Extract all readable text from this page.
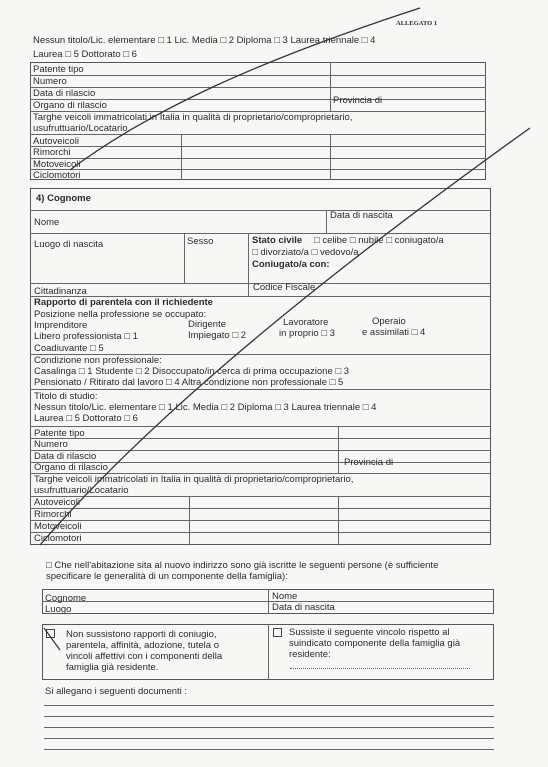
ALLEGATO 1
Nessun titolo/Lic. elementare □ 1 Lic. Media □ 2 Diploma □ 3 Laurea triennale □ 4
Laurea □ 5 Dottorato □ 6
Patente tipo
Numero
Data di rilascio
Organo di rilascio	Provincia di
Targhe veicoli immatricolati in Italia in qualità di proprietario/comproprietario,
usufruttuario/Locatario
Autoveicoli
Rimorchi
Motoveicoli
Ciclomotori
4) Cognome
Nome
Data di nascita
Luogo di nascita	Sesso	Stato civile □ celibe □ nubile □ coniugato/a
□ divorziato/a □ vedovo/a
Coniugato/a con:
Cittadinanza	Codice Fiscale
Rapporto di parentela con il richiedente
Posizione nella professione se occupato:
Imprenditore
Libero professionista □ 1
Dirigente
Impiegato □ 2
Lavoratore
in proprio □ 3
Operaio
e assimilati □ 4
Coadiuvante □ 5
Condizione non professionale:
Casalinga □ 1 Studente □ 2 Disoccupato/in cerca di prima occupazione □ 3
Pensionato / Ritirato dal lavoro □ 4 Altra condizione non professionale □ 5
Titolo di studio:
Nessun titolo/Lic. elementare □ 1 Lic. Media □ 2 Diploma □ 3 Laurea triennale □ 4
Laurea □ 5 Dottorato □ 6
Patente tipo
Numero
Data di rilascio
Organo di rilascio	Provincia di
Targhe veicoli immatricolati in Italia in qualità di proprietario/comproprietario,
usufruttuario/Locatario
Autoveicoli
Rimorchi
Motoveicoli
Ciclomotori
□ Che nell'abitazione sita al nuovo indirizzo sono già iscritte le seguenti persone (è sufficiente
specificare le generalità di un componente della famiglia):
Cognome	Nome
Luogo	Data di nascita
Non sussistono rapporti di coniugio,
parentela, affinità, adozione, tutela o
vincoli affettivi con i componenti della
famiglia già residente.
Sussiste il seguente vincolo rispetto al
suindicato componente della famiglia già
residente:
Si allegano i seguenti documenti :
